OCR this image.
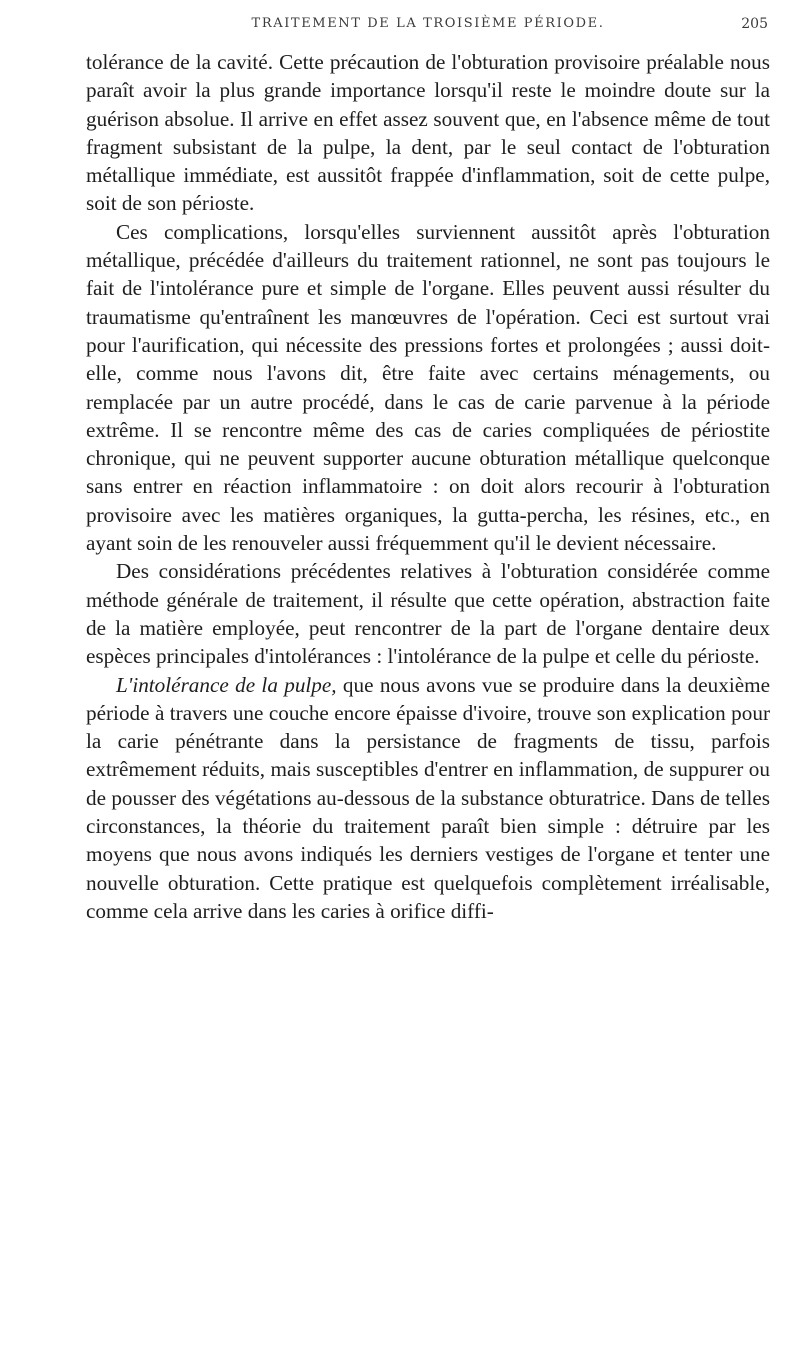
TRAITEMENT DE LA TROISIÈME PÉRIODE.	205

tolérance de la cavité. Cette précaution de l'obturation provisoire préalable nous paraît avoir la plus grande importance lorsqu'il reste le moindre doute sur la guérison absolue. Il arrive en effet assez souvent que, en l'absence même de tout fragment subsistant de la pulpe, la dent, par le seul contact de l'obturation métallique immédiate, est aussitôt frappée d'inflammation, soit de cette pulpe, soit de son périoste.

Ces complications, lorsqu'elles surviennent aussitôt après l'obturation métallique, précédée d'ailleurs du traitement rationnel, ne sont pas toujours le fait de l'intolérance pure et simple de l'organe. Elles peuvent aussi résulter du traumatisme qu'entraînent les manœuvres de l'opération. Ceci est surtout vrai pour l'aurification, qui nécessite des pressions fortes et prolongées ; aussi doit-elle, comme nous l'avons dit, être faite avec certains ménagements, ou remplacée par un autre procédé, dans le cas de carie parvenue à la période extrême. Il se rencontre même des cas de caries compliquées de périostite chronique, qui ne peuvent supporter aucune obturation métallique quelconque sans entrer en réaction inflammatoire : on doit alors recourir à l'obturation provisoire avec les matières organiques, la gutta-percha, les résines, etc., en ayant soin de les renouveler aussi fréquemment qu'il le devient nécessaire.

Des considérations précédentes relatives à l'obturation considérée comme méthode générale de traitement, il résulte que cette opération, abstraction faite de la matière employée, peut rencontrer de la part de l'organe dentaire deux espèces principales d'intolérances : l'intolérance de la pulpe et celle du périoste.

L'intolérance de la pulpe, que nous avons vue se produire dans la deuxième période à travers une couche encore épaisse d'ivoire, trouve son explication pour la carie pénétrante dans la persistance de fragments de tissu, parfois extrêmement réduits, mais susceptibles d'entrer en inflammation, de suppurer ou de pousser des végétations au-dessous de la substance obturatrice. Dans de telles circonstances, la théorie du traitement paraît bien simple : détruire par les moyens que nous avons indiqués les derniers vestiges de l'organe et tenter une nouvelle obturation. Cette pratique est quelquefois complètement irréalisable, comme cela arrive dans les caries à orifice diffi-
